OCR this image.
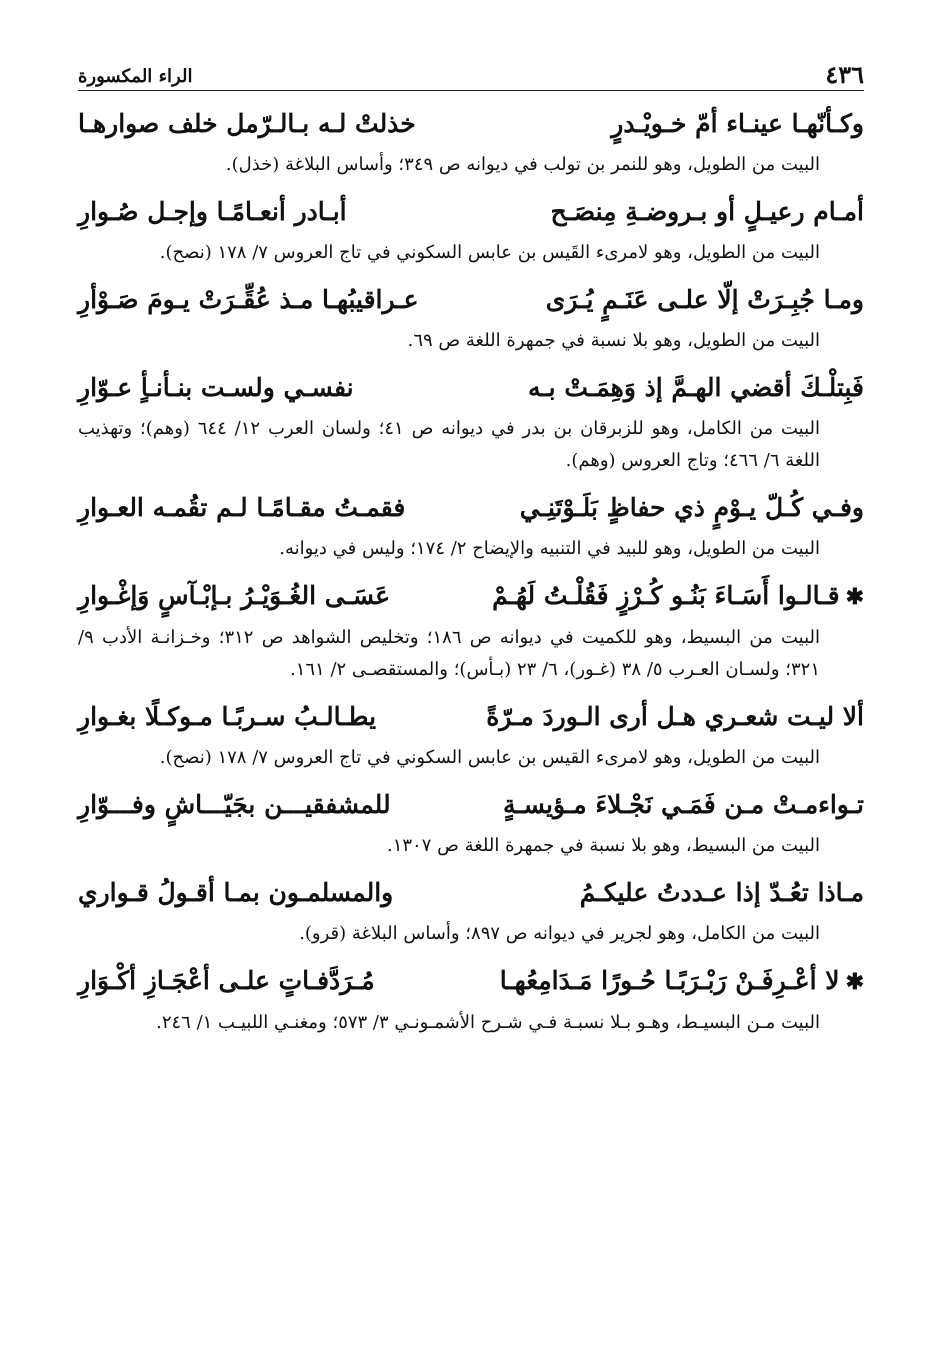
٤٣٦
الراء المكسورة
وكـأنّهـا عينـاء أمّ خـويْـدرٍ
خذلتْ لـه بـالـرّمل خلف صوارهـا
البيت من الطويل، وهو للنمر بن تولب في ديوانه ص ٣٤٩؛ وأساس البلاغة (خذل).
أمـام رعيـلٍ أو بـروضـةِ مِنصَـح
أبـادر أنعـامًـا وإجـل صُـوارِ
البيت من الطويل، وهو لامرىء القَيس بن عابس السكوني في تاج العروس ٧/ ١٧٨ (نصح).
ومـا جُبِـرَتْ إلّا علـى عَنَـمٍ يُـرَى
عـراقيبُهـا مـذ عُقِّـرَتْ يـومَ صَـوْأرِ
البيت من الطويل، وهو بلا نسبة في جمهرة اللغة ص ٦٩.
فَبِتلْـكَ أقضي الهـمَّ إذ وَهِمَـتْ بـه
نفسـي ولسـت بنـأنـأٍ عـوّارِ
البيت من الكامل، وهو للزبرقان بن بدر في ديوانه ص ٤١؛ ولسان العرب ١٢/ ٦٤٤ (وهم)؛ وتهذيب اللغة ٦/ ٤٦٦؛ وتاج العروس (وهم).
وفـي كُـلّ يـوْمٍ ذي حفاظٍ بَلَـوْتَنِـي
فقمـتُ مقـامًـا لـم تقُمـه العـوارِ
البيت من الطويل، وهو للبيد في التنبيه والإيضاح ٢/ ١٧٤؛ وليس في ديوانه.
✱قـالـوا أَسَـاءَ بَنُـو كُـرْزٍ فَقُلْـتُ لَهُـمْ
عَسَـى الغُـوَيْـرُ بـإبْـآسٍ وَإغْـوارِ
البيت من البسيط، وهو للكميت في ديوانه ص ١٨٦؛ وتخليص الشواهد ص ٣١٢؛ وخـزانـة الأدب ٩/ ٣٢١؛ ولسـان العـرب ٥/ ٣٨ (غـور)، ٦/ ٢٣ (بـأس)؛ والمستقصـى ٢/ ١٦١.
ألا ليـت شعـري هـل أرى الـوردَ مـرّةً
يطـالـبُ سـربًـا مـوكـلًا بغـوارِ
البيت من الطويل، وهو لامرىء القيس بن عابس السكوني في تاج العروس ٧/ ١٧٨ (نصح).
تـواءمـتْ مـن فَمَـي نَجْـلاءَ مـؤيسـةٍ
للمشفقيـــن بجَيّـــاشٍ وفـــوّارِ
البيت من البسيط، وهو بلا نسبة في جمهرة اللغة ص ١٣٠٧.
مـاذا تعُـدّ إذا عـددتُ عليكـمُ
والمسلمـون بمـا أقـولُ قـواري
البيت من الكامل، وهو لجرير في ديوانه ص ٨٩٧؛ وأساس البلاغة (قرو).
✱لا أعْـرِفَـنْ رَبْـرَبًـا حُـورًا مَـدَامِعُهـا
مُـرَدَّفـاتٍ علـى أعْجَـازِ أكْـوَارِ
البيت مـن البسيـط، وهـو بـلا نسبـة فـي شـرح الأشمـونـي ٣/ ٥٧٣؛ ومغنـي اللبيـب ١/ ٢٤٦.
